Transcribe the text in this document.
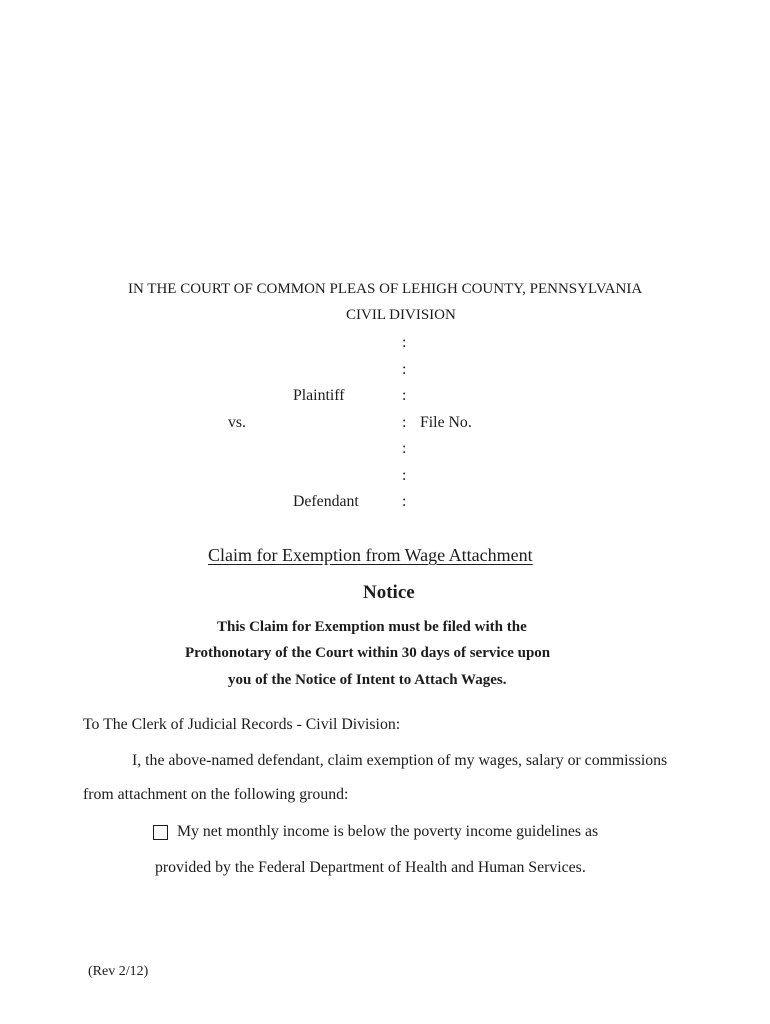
IN THE COURT OF COMMON PLEAS OF LEHIGH COUNTY, PENNSYLVANIA
CIVIL DIVISION
:
:
Plaintiff	:
vs.	: File No.
:
:
Defendant	:
Claim for Exemption from Wage Attachment
Notice
This Claim for Exemption must be filed with the
Prothonotary of the Court within 30 days of service upon
you of the Notice of Intent to Attach Wages.
To The Clerk of Judicial Records - Civil Division:
I, the above-named defendant, claim exemption of my wages, salary or commissions
from attachment on the following ground:
My net monthly income is below the poverty income guidelines as
provided by the Federal Department of Health and Human Services.
(Rev 2/12)
